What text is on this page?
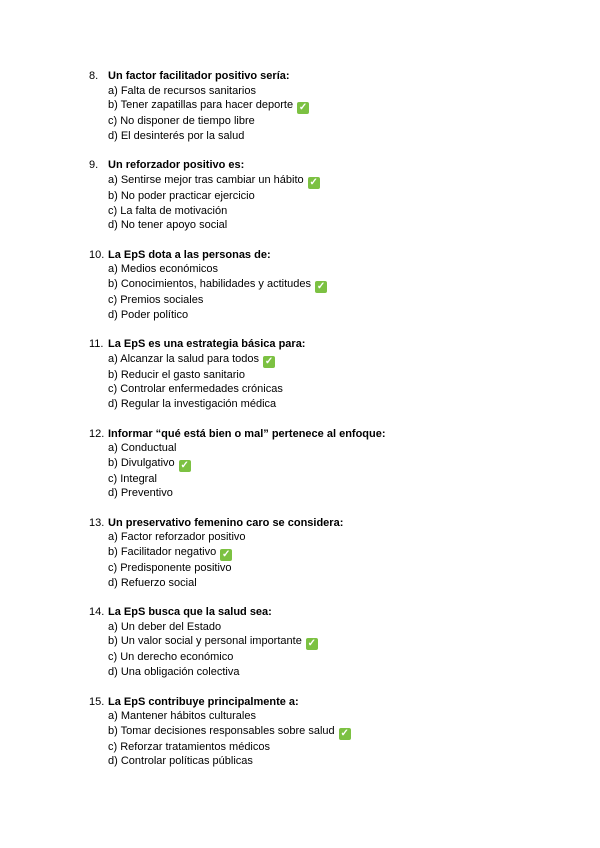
8. Un factor facilitador positivo sería:
a) Falta de recursos sanitarios
b) Tener zapatillas para hacer deporte ✓
c) No disponer de tiempo libre
d) El desinterés por la salud
9. Un reforzador positivo es:
a) Sentirse mejor tras cambiar un hábito ✓
b) No poder practicar ejercicio
c) La falta de motivación
d) No tener apoyo social
10. La EpS dota a las personas de:
a) Medios económicos
b) Conocimientos, habilidades y actitudes ✓
c) Premios sociales
d) Poder político
11. La EpS es una estrategia básica para:
a) Alcanzar la salud para todos ✓
b) Reducir el gasto sanitario
c) Controlar enfermedades crónicas
d) Regular la investigación médica
12. Informar “qué está bien o mal” pertenece al enfoque:
a) Conductual
b) Divulgativo ✓
c) Integral
d) Preventivo
13. Un preservativo femenino caro se considera:
a) Factor reforzador positivo
b) Facilitador negativo ✓
c) Predisponente positivo
d) Refuerzo social
14. La EpS busca que la salud sea:
a) Un deber del Estado
b) Un valor social y personal importante ✓
c) Un derecho económico
d) Una obligación colectiva
15. La EpS contribuye principalmente a:
a) Mantener hábitos culturales
b) Tomar decisiones responsables sobre salud ✓
c) Reforzar tratamientos médicos
d) Controlar políticas públicas
